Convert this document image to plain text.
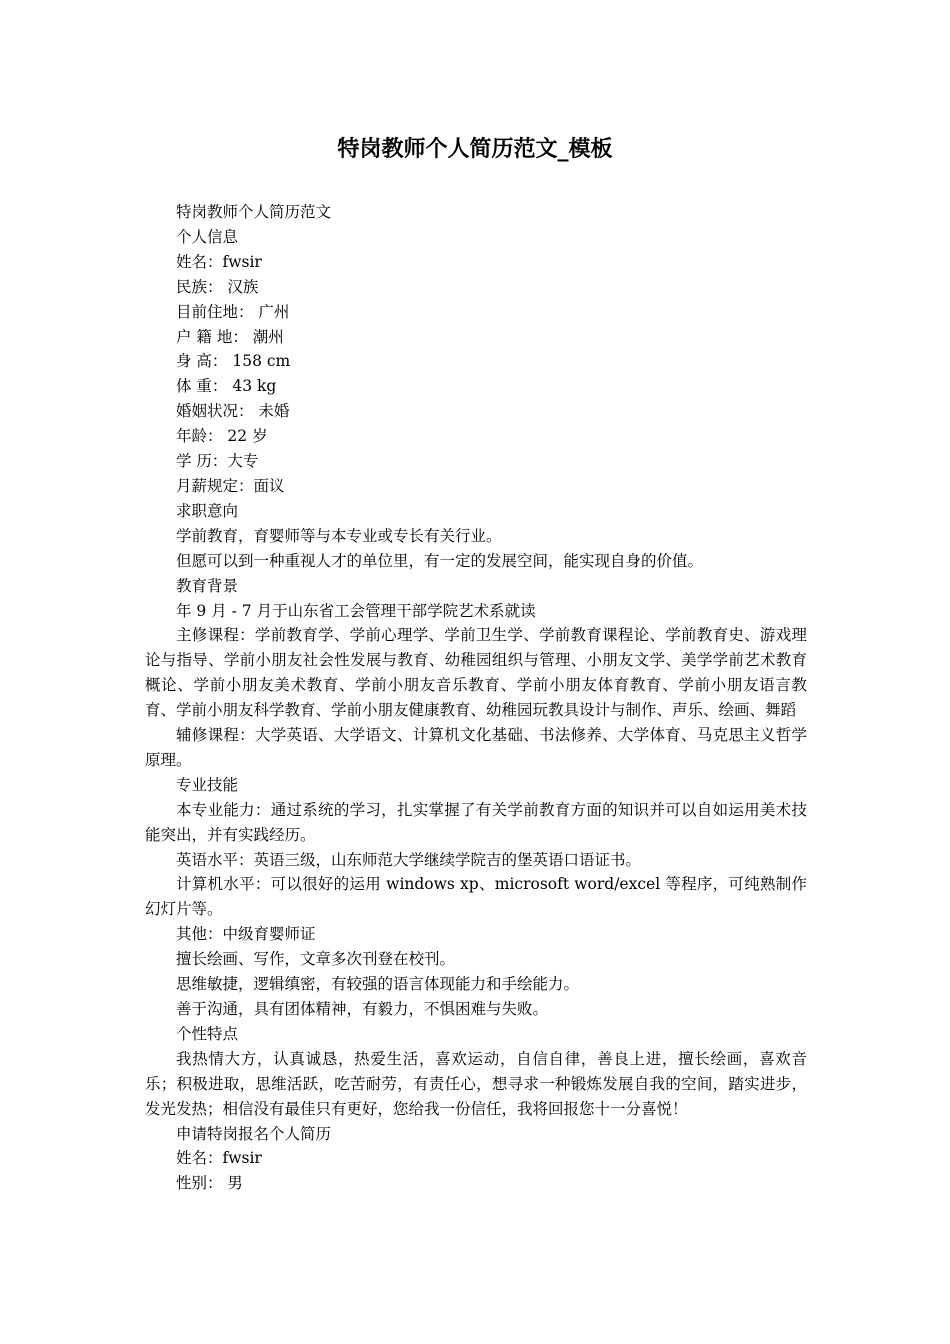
特岗教师个人简历范文_模板

特岗教师个人简历范文

个人信息

姓名：fwsir

民族： 汉族

目前住地： 广州

户 籍 地： 潮州

身 高： 158 cm

体 重： 43 kg

婚姻状况： 未婚

年龄： 22 岁

学 历：大专

月薪规定：面议

求职意向

学前教育，育婴师等与本专业或专长有关行业。

但愿可以到一种重视人才的单位里，有一定的发展空间，能实现自身的价值。

教育背景

年 9 月 - 7 月于山东省工会管理干部学院艺术系就读

主修课程：学前教育学、学前心理学、学前卫生学、学前教育课程论、学前教育史、游戏理论与指导、学前小朋友社会性发展与教育、幼稚园组织与管理、小朋友文学、美学学前艺术教育概论、学前小朋友美术教育、学前小朋友音乐教育、学前小朋友体育教育、学前小朋友语言教育、学前小朋友科学教育、学前小朋友健康教育、幼稚园玩教具设计与制作、声乐、绘画、舞蹈

辅修课程：大学英语、大学语文、计算机文化基础、书法修养、大学体育、马克思主义哲学原理。

专业技能

本专业能力：通过系统的学习，扎实掌握了有关学前教育方面的知识并可以自如运用美术技能突出，并有实践经历。

英语水平：英语三级，山东师范大学继续学院吉的堡英语口语证书。

计算机水平：可以很好的运用 windows xp、microsoft word/excel 等程序，可纯熟制作幻灯片等。

其他：中级育婴师证

擅长绘画、写作，文章多次刊登在校刊。

思维敏捷，逻辑缜密，有较强的语言体现能力和手绘能力。

善于沟通，具有团体精神，有毅力，不惧困难与失败。

个性特点

我热情大方，认真诚恳，热爱生活，喜欢运动，自信自律，善良上进，擅长绘画，喜欢音乐；积极进取，思维活跃，吃苦耐劳，有责任心，想寻求一种锻炼发展自我的空间，踏实进步，发光发热；相信没有最佳只有更好，您给我一份信任，我将回报您十一分喜悦！

申请特岗报名个人简历

姓名：fwsir

性别： 男
